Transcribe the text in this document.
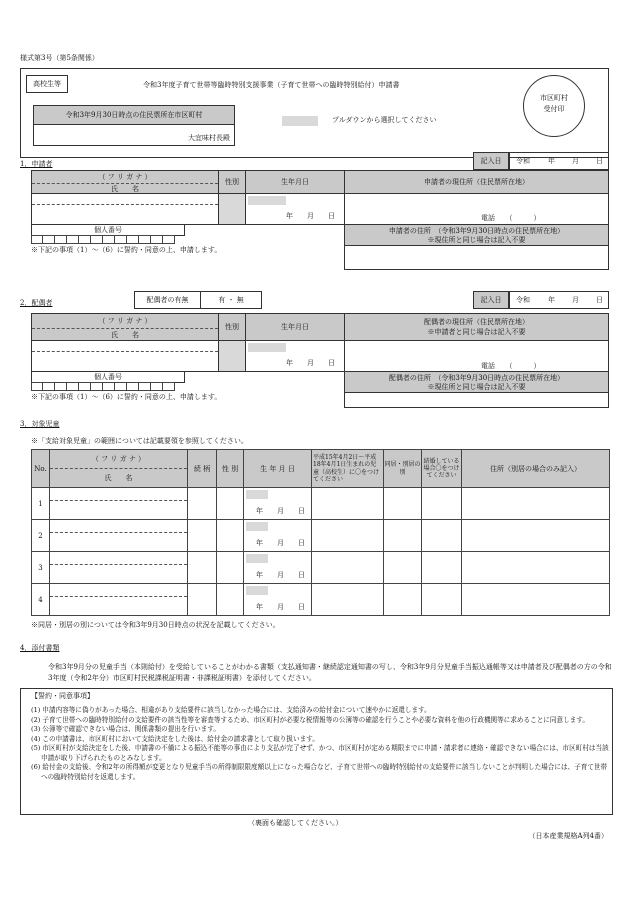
様式第3号（第5条関係）
高校生等	令和3年度子育て世帯等臨時特別支援事業（子育て世帯への臨時特別給付）申請書
市区町村
受付印
令和3年9月30日時点の住民票所在市区町村
大宜味村長殿
プルダウンから選択してください
1．申請者	記入日	令和	年 月 日
（ フ リ ガ ナ ）
氏　　名
性別	生年月日	申請者の現住所（住民票所在地）
年　　月　　日	電話　　（　　　）
個人番号
※下記の事項（1）～（6）に誓約・同意の上、申請します。
申請者の住所　（令和3年9月30日時点の住民票所在地）
※現住所と同じ場合は記入不要
2．配偶者	配偶者の有無	有 ・ 無	記入日	令和	年 月 日
（ フ リ ガ ナ ）
氏　　名
性別	生年月日
配偶者の現住所（住民票所在地）
※申請者と同じ場合は記入不要
年　　月　　日	電話　　（　　　）
個人番号
※下記の事項（1）～（6）に誓約・同意の上、申請します。
配偶者の住所　（令和3年9月30日時点の住民票所在地）
※現住所と同じ場合は記入不要
3．対象児童
※「支給対象児童」の範囲については記載要領を参照してください。
No.	（ フ リ ガ ナ ）
氏　　名	続 柄	性 別	生 年 月 日	平成15年4月2日～平成18年4月1日生まれの児童（高校生）に〇をつけてください	同居・別居の別	結婚している場合〇をつけてください	住所（別居の場合のみ記入）
1				年　　月　　日				

2				年　　月　　日				

3				年　　月　　日				

4				年　　月　　日				

※同居・別居の別については令和3年9月30日時点の状況を記載してください。
4．添付書類
令和3年9月分の児童手当（本則給付）を受給していることがわかる書類（支払通知書・継続認定通知書の写し、令和3年9月分児童手当振込通帳等又は申請者及び配偶者の方の令和3年度（令和2年分）市区町村民税課税証明書・非課税証明書）を添付してください。
【誓約・同意事項】
(1) 申請内容等に偽りがあった場合、相違があり支給要件に該当しなかった場合には、支給済みの給付金について速やかに返還します。
(2) 子育て世帯への臨時特別給付の支給要件の該当性等を審査等するため、市区町村が必要な税情報等の公簿等の確認を行うことや必要な資料を他の行政機関等に求めることに同意します。
(3) 公簿等で確認できない場合は、関係書類の提出を行います。
(4) この申請書は、市区町村において支給決定をした後は、給付金の請求書として取り扱います。
(5) 市区町村が支給決定をした後、申請書の不備による振込不能等の事由により支払が完了せず、かつ、市区町村が定める期限までに申請・請求者に連絡・確認できない場合には、市区町村は当該申請が取り下げられたものとみなします。
(6) 給付金の支給後、令和2年の所得額が変更となり児童手当の所得制限限度額以上になった場合など、子育て世帯への臨時特別給付の支給要件に該当しないことが判明した場合には、子育て世帯への臨時特別給付を返還します。
（裏面も確認してください。）
（日本産業規格A列4番）
